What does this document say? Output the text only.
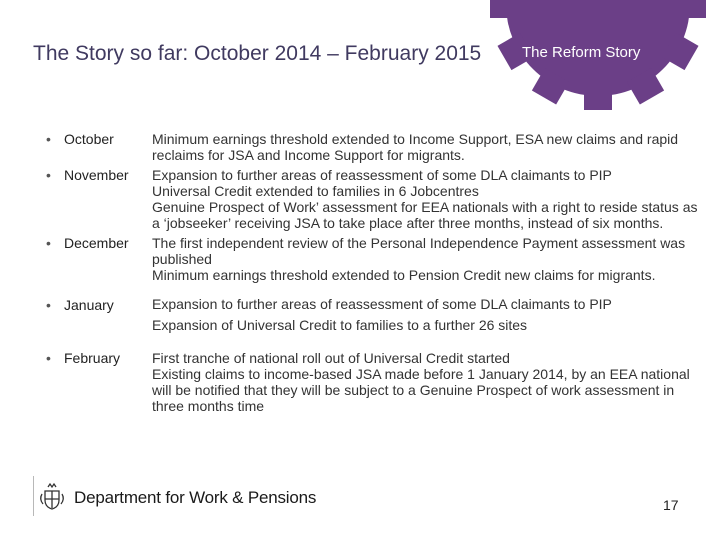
The Story so far: October 2014 – February 2015	The Reform Story
• October	Minimum earnings threshold extended to Income Support, ESA new claims and rapid reclaims for JSA and Income Support for migrants.
• November	Expansion to further areas of reassessment of some DLA claimants to PIP
Universal Credit extended to families in 6 Jobcentres
Genuine Prospect of Work’ assessment for EEA nationals with a right to reside status as a ‘jobseeker’ receiving JSA to take place after three months, instead of six months.
• December	The first independent review of the Personal Independence Payment assessment was published
Minimum earnings threshold extended to Pension Credit new claims for migrants.
• January	Expansion to further areas of reassessment of some DLA claimants to PIP
Expansion of Universal Credit to families to a further 26 sites
• February	First tranche of national roll out of Universal Credit started
Existing claims to income-based JSA made before 1 January 2014, by an EEA national will be notified that they will be subject to a Genuine Prospect of work assessment in three months time
Department for Work & Pensions	17
